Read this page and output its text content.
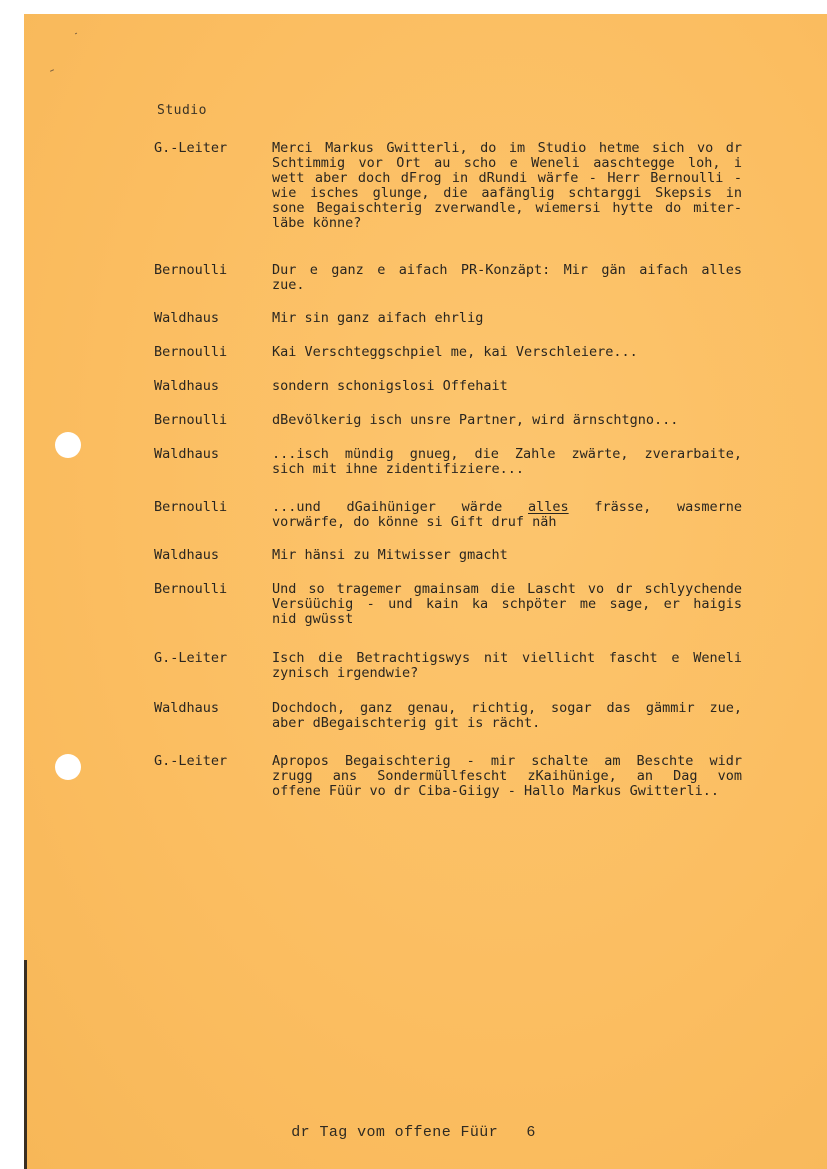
Studio
G.-Leiter	Merci Markus Gwitterli, do im Studio hetme sich vo dr
Schtimmig vor Ort au scho e Weneli aaschtegge loh, i
wett aber doch dFrog in dRundi wärfe - Herr Bernoulli -
wie isches glunge, die aafänglig schtarggi Skepsis in
sone Begaischterig zverwandle, wiemersi hytte do miter-
läbe könne?
Bernoulli	Dur e ganz e aifach PR-Konzäpt: Mir gän aifach alles
zue.
Waldhaus	Mir sin ganz aifach ehrlig
Bernoulli	Kai Verschteggschpiel me, kai Verschleiere...
Waldhaus	sondern schonigslosi Offehait
Bernoulli	dBevölkerig isch unsre Partner, wird ärnschtgno...
Waldhaus	...isch mündig gnueg, die Zahle zwärte, zverarbaite,
sich mit ihne zidentifiziere...
Bernoulli	...und dGaihüniger wärde alles frässe, wasmerne
vorwärfe, do könne si Gift druf näh
Waldhaus	Mir hänsi zu Mitwisser gmacht
Bernoulli	Und so tragemer gmainsam die Lascht vo dr schlyychende
Versüüchig - und kain ka schpöter me sage, er haigis
nid gwüsst
G.-Leiter	Isch die Betrachtigswys nit viellicht fascht e Weneli
zynisch irgendwie?
Waldhaus	Dochdoch, ganz genau, richtig, sogar das gämmir zue,
aber dBegaischterig git is rächt.
G.-Leiter	Apropos Begaischterig - mir schalte am Beschte widr
zrugg ans Sondermüllfescht zKaihünige, an Dag vom
offene Füür vo dr Ciba-Giigy - Hallo Markus Gwitterli..
dr Tag vom offene Füür 6
